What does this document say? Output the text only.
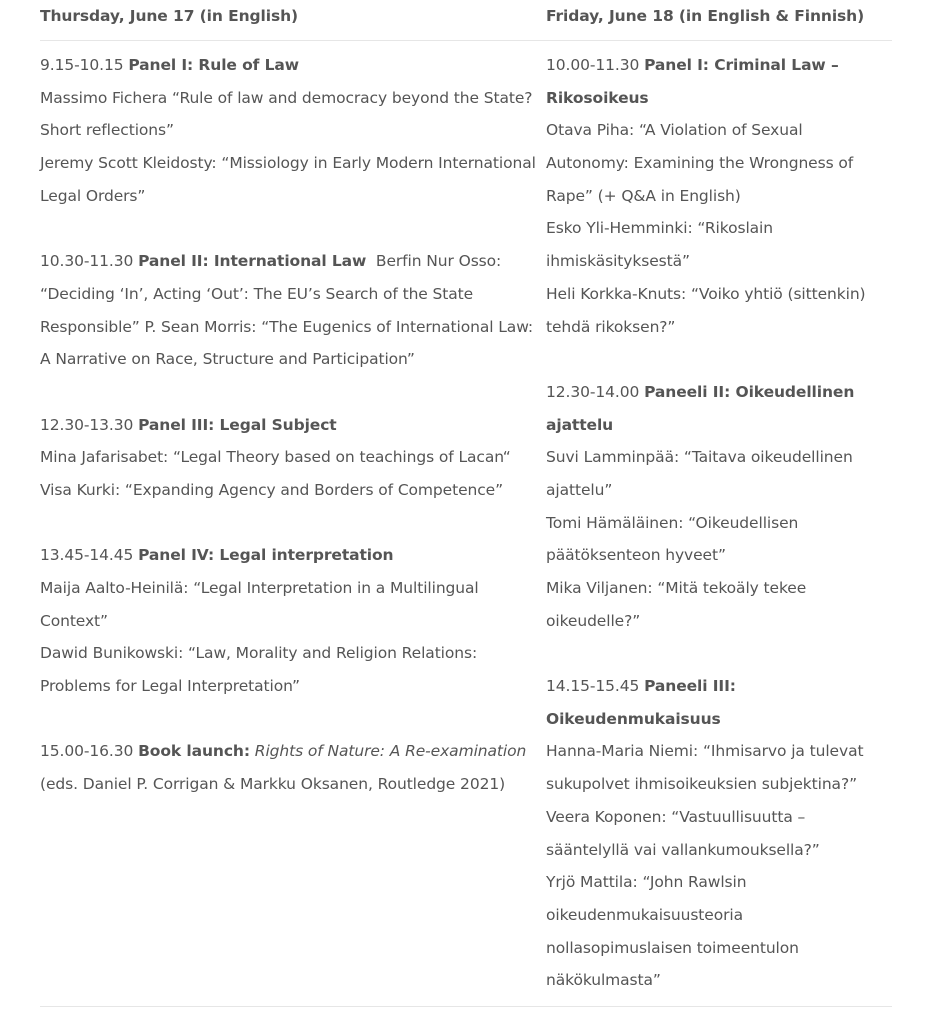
Thursday, June 17 (in English)	Friday, June 18 (in English & Finnish)
9.15-10.15 Panel I: Rule of Law
Massimo Fichera “Rule of law and democracy beyond the State?
Short reflections”
Jeremy Scott Kleidosty: “Missiology in Early Modern International
Legal Orders”
10.30-11.30 Panel II: International Law  Berfin Nur Osso:
“Deciding ‘In’, Acting ‘Out’: The EU’s Search of the State
Responsible” P. Sean Morris: “The Eugenics of International Law:
A Narrative on Race, Structure and Participation”
12.30-13.30 Panel III: Legal Subject
Mina Jafarisabet: “Legal Theory based on teachings of Lacan“
Visa Kurki: “Expanding Agency and Borders of Competence”
13.45-14.45 Panel IV: Legal interpretation
Maija Aalto-Heinilä: “Legal Interpretation in a Multilingual
Context”
Dawid Bunikowski: “Law, Morality and Religion Relations:
Problems for Legal Interpretation”
15.00-16.30 Book launch: Rights of Nature: A Re-examination
(eds. Daniel P. Corrigan & Markku Oksanen, Routledge 2021)
10.00-11.30 Panel I: Criminal Law –
Rikosoikeus
Otava Piha: “A Violation of Sexual
Autonomy: Examining the Wrongness of
Rape” (+ Q&A in English)
Esko Yli-Hemminki: “Rikoslain
ihmiskäsityksestä”
Heli Korkka-Knuts: “Voiko yhtiö (sittenkin)
tehdä rikoksen?”
12.30-14.00 Paneeli II: Oikeudellinen
ajattelu
Suvi Lamminpää: “Taitava oikeudellinen
ajattelu”
Tomi Hämäläinen: “Oikeudellisen
päätöksenteon hyveet”
Mika Viljanen: “Mitä tekoäly tekee
oikeudelle?”
14.15-15.45 Paneeli III:
Oikeudenmukaisuus
Hanna-Maria Niemi: “Ihmisarvo ja tulevat
sukupolvet ihmisoikeuksien subjektina?”
Veera Koponen: “Vastuullisuutta –
sääntelyllä vai vallankumouksella?”
Yrjö Mattila: “John Rawlsin
oikeudenmukaisuusteoria
nollasopimuslaisen toimeentulon
näkökulmasta”
